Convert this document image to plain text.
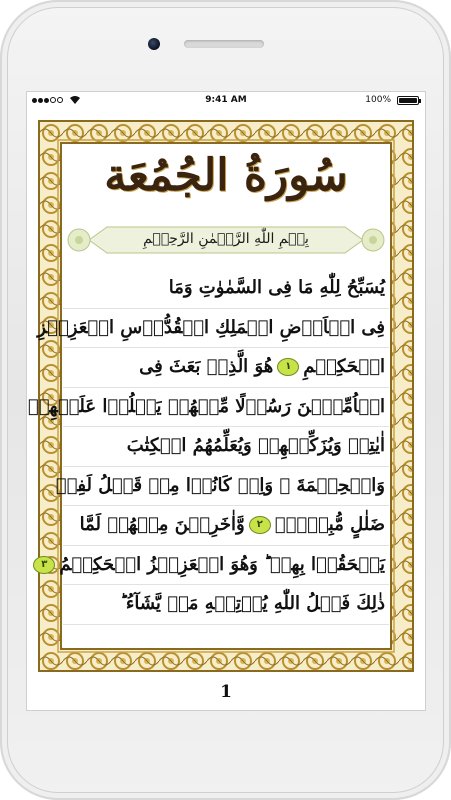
9:41 AM	100%
سُورَةُ الجُمُعَة
بِسۡمِ اللّٰهِ الرَّحۡمٰنِ الرَّحِيۡمِ
يُسَبِّحُ لِلّٰهِ مَا فِى السَّمٰوٰتِ وَمَا
فِى الۡاَرۡضِ الۡمَلِكِ الۡقُدُّوۡسِ الۡعَزِيۡزِ
الۡحَكِيۡمِ١هُوَ الَّذِىۡ بَعَثَ فِى
الۡاُمِّيّٖنَ رَسُوۡلًا مِّنۡهُمۡ يَتۡلُوۡا عَلَيۡهِمۡ
اٰيٰتِهٖ وَيُزَكِّيۡهِمۡ وَيُعَلِّمُهُمُ الۡكِتٰبَ
وَالۡحِكۡمَةَ ۚ وَاِنۡ كَانُوۡا مِنۡ قَبۡلُ لَفِىۡ
ضَلٰلٍ مُّبِيۡنٍۙ٢وَّاٰخَرِيۡنَ مِنۡهُمۡ لَمَّا
يَلۡحَقُوۡا بِهِمۡ ؕ وَهُوَ الۡعَزِيۡزُ الۡحَكِيۡمُ٣
ذٰلِكَ فَضۡلُ اللّٰهِ يُؤۡتِيۡهِ مَنۡ يَّشَآءُ ؕ
1
